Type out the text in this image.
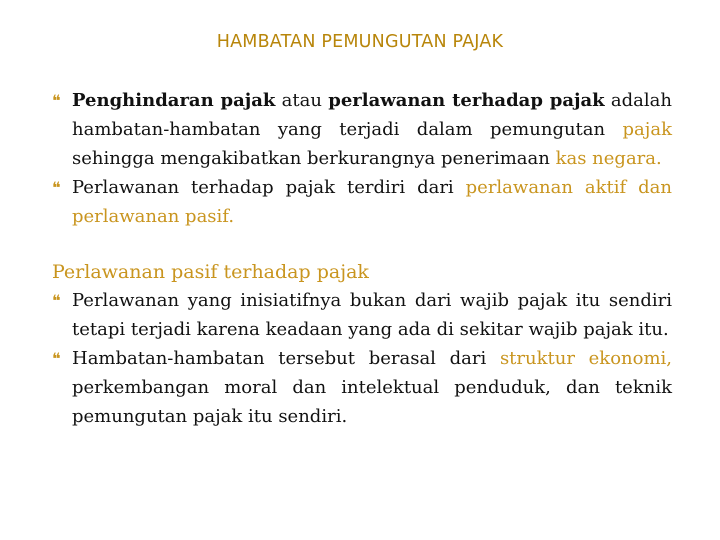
HAMBATAN PEMUNGUTAN PAJAK
❝ Penghindaran pajak atau perlawanan terhadap pajak adalah hambatan-hambatan yang terjadi dalam pemungutan pajak sehingga mengakibatkan berkurangnya penerimaan kas negara.
❝ Perlawanan terhadap pajak terdiri dari perlawanan aktif dan perlawanan pasif.
Perlawanan pasif terhadap pajak
❝ Perlawanan yang inisiatifnya bukan dari wajib pajak itu sendiri tetapi terjadi karena keadaan yang ada di sekitar wajib pajak itu.
❝ Hambatan-hambatan tersebut berasal dari struktur ekonomi, perkembangan moral dan intelektual penduduk, dan teknik pemungutan pajak itu sendiri.
